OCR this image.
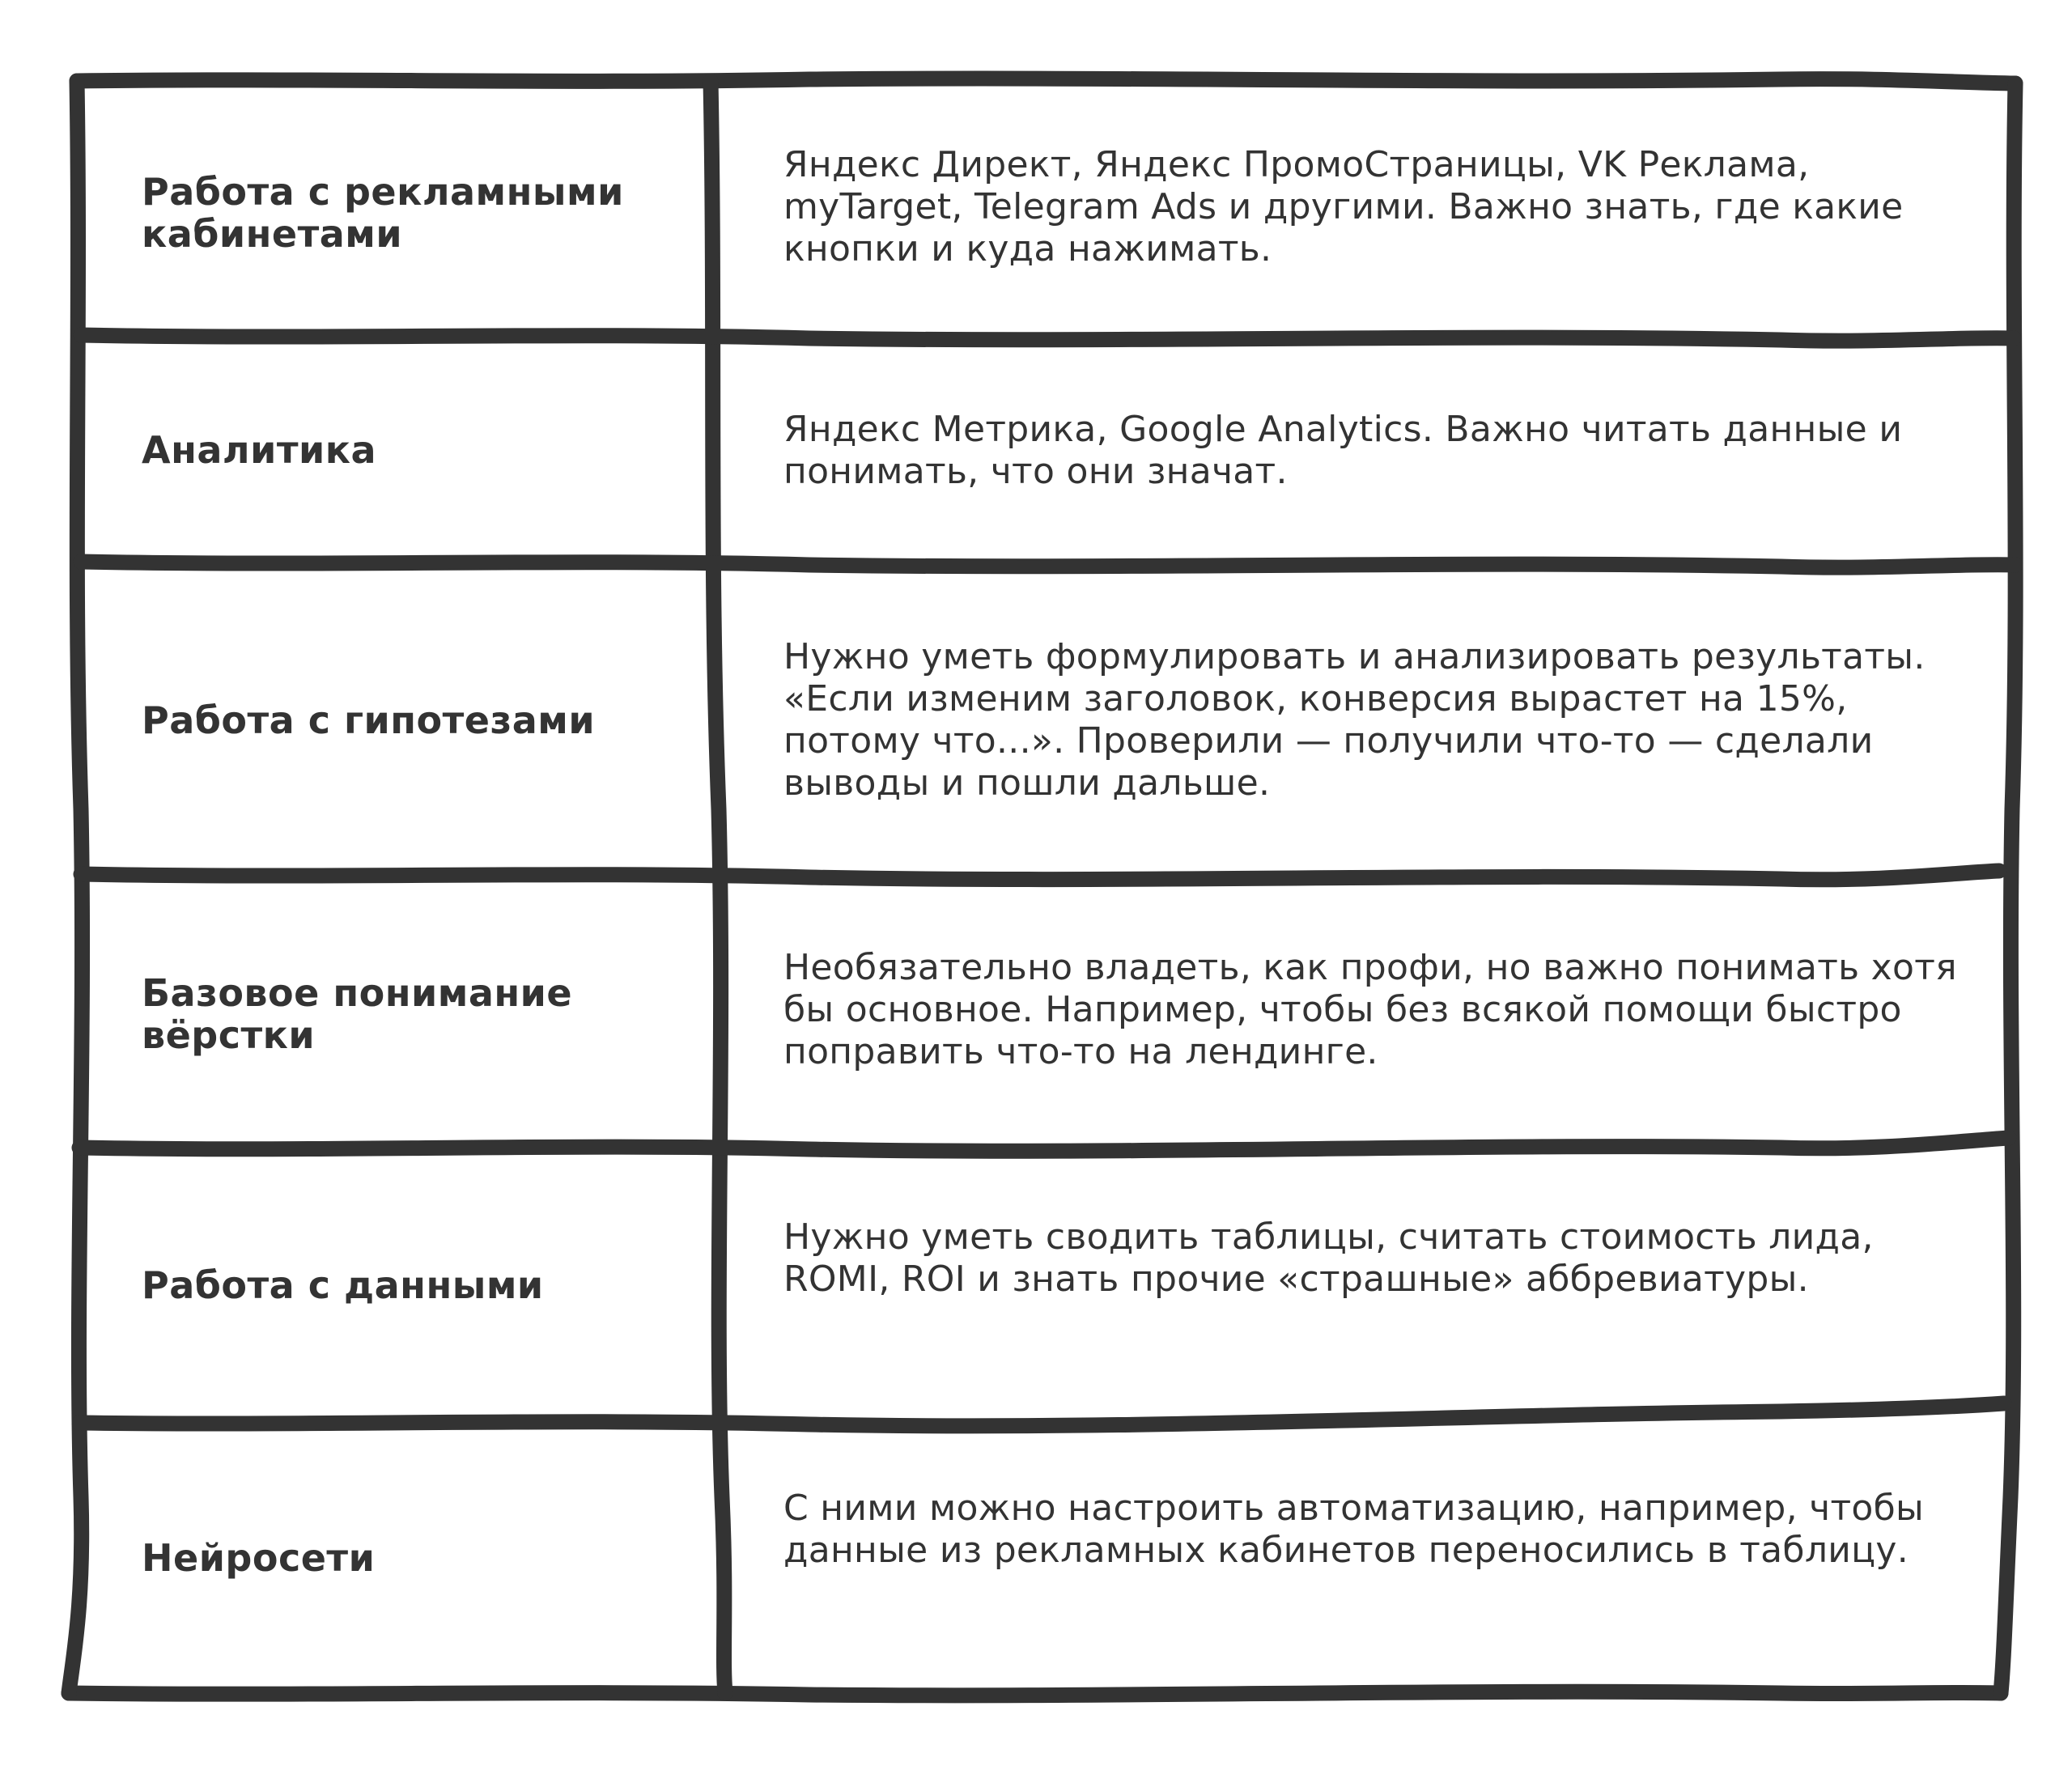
Работа с рекламными кабинетами
Яндекс Директ, Яндекс ПромоСтраницы, VK Реклама, myTarget, Telegram Ads и другими. Важно знать, где какие кнопки и куда нажимать.
Аналитика	Яндекс Метрика, Google Analytics. Важно читать данные и понимать, что они значат.
Работа с гипотезами
Нужно уметь формулировать и анализировать результаты. «Если изменим заголовок, конверсия вырастет на 15%, потому что...». Проверили — получили что-то — сделали выводы и пошли дальше.
Базовое понимание вёрстки
Необязательно владеть, как профи, но важно понимать хотя бы основное. Например, чтобы без всякой помощи быстро поправить что-то на лендинге.
Работа с данными
Нужно уметь сводить таблицы, считать стоимость лида, ROMI, ROI и знать прочие «страшные» аббревиатуры.
Нейросети
С ними можно настроить автоматизацию, например, чтобы данные из рекламных кабинетов переносились в таблицу.
